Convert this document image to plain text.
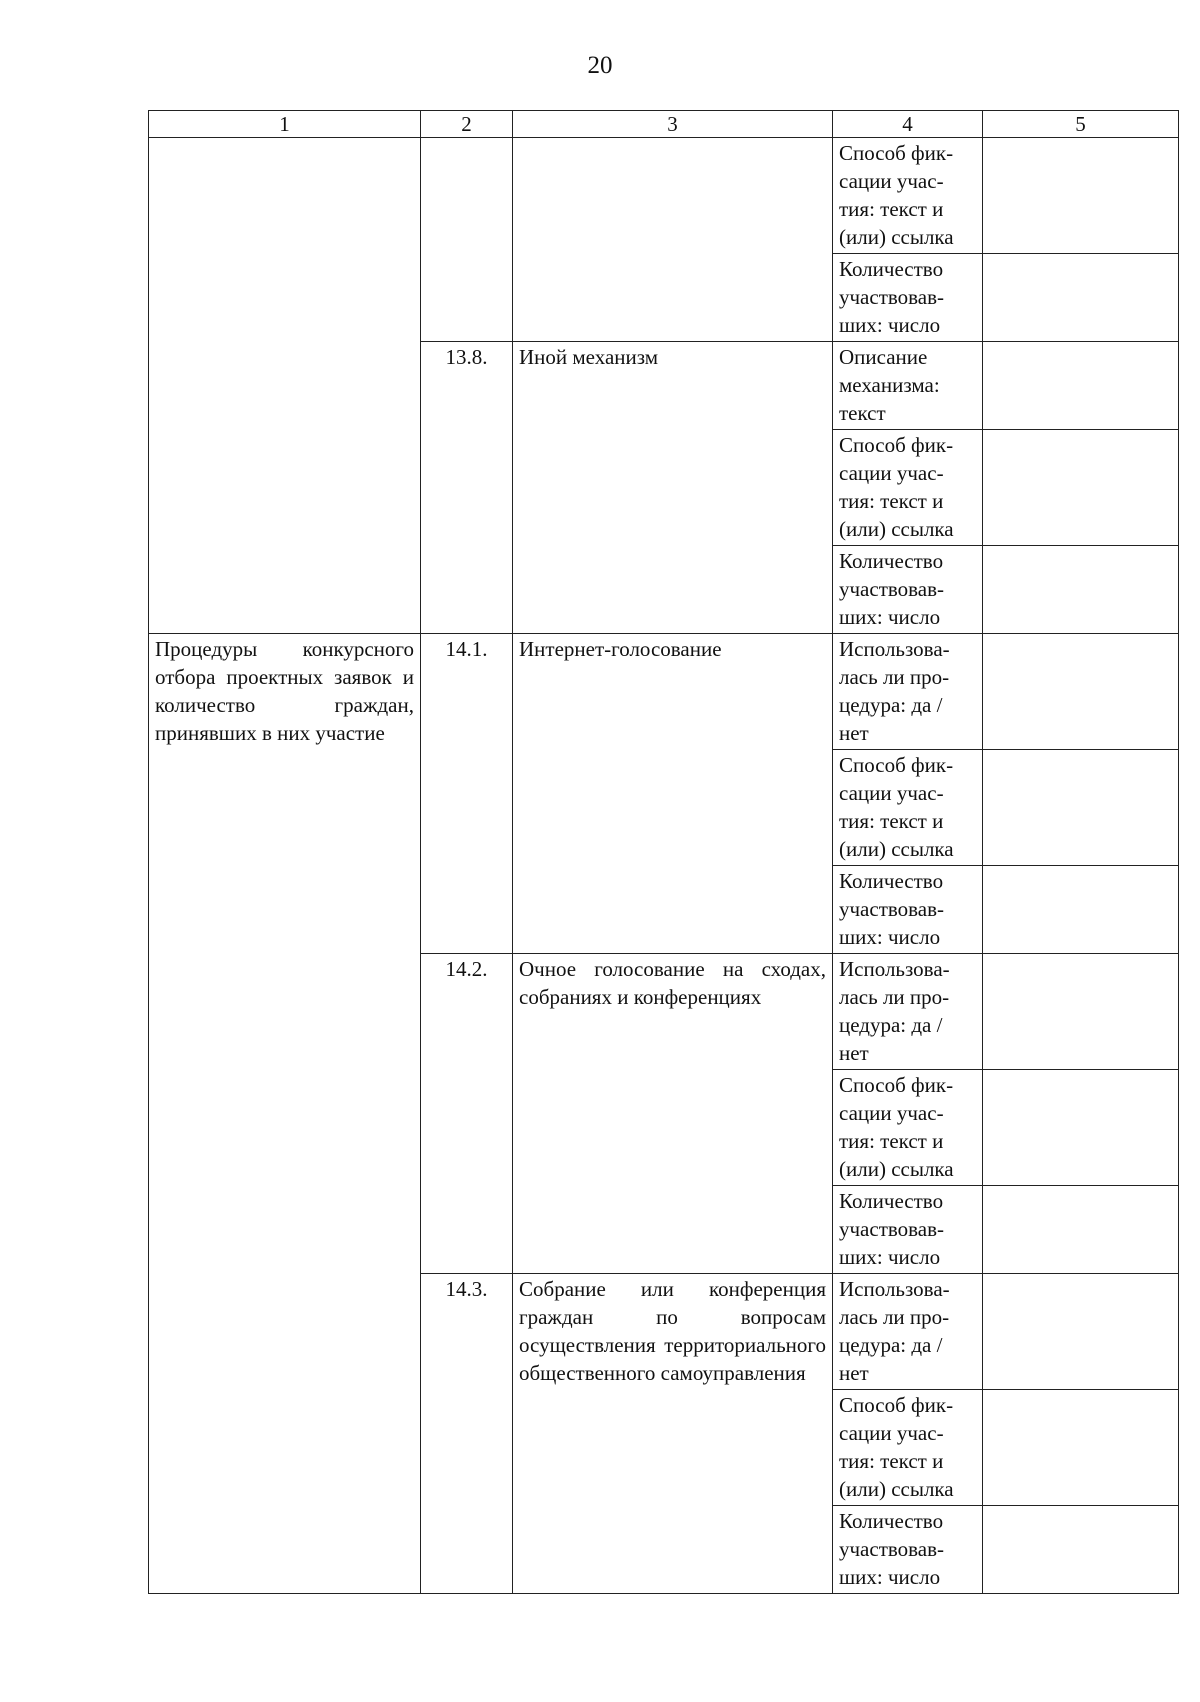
20
1	2	3	4	5

			Способ фик-
сации учас-
тия: текст и
(или) ссылка	

			Количество
участвовав-
ших: число	

	13.8.	Иной механизм	Описание
механизма:
текст	

			Способ фик-
сации учас-
тия: текст и
(или) ссылка	

			Количество
участвовав-
ших: число	

Процедуры конкурсного отбора проектных заявок и количество граждан, принявших в них участие	14.1.	Интернет-голосование	Использова-
лась ли про-
цедура: да /
нет	

			Способ фик-
сации учас-
тия: текст и
(или) ссылка	

			Количество
участвовав-
ших: число	

	14.2.	Очное голосование на сходах, собраниях и конференциях	Использова-
лась ли про-
цедура: да /
нет	

			Способ фик-
сации учас-
тия: текст и
(или) ссылка	

			Количество
участвовав-
ших: число	

	14.3.	Собрание или конференция граждан по вопросам осуществления территориального общественного самоуправления	Использова-
лась ли про-
цедура: да /
нет	

			Способ фик-
сации учас-
тия: текст и
(или) ссылка	

			Количество
участвовав-
ших: число	
